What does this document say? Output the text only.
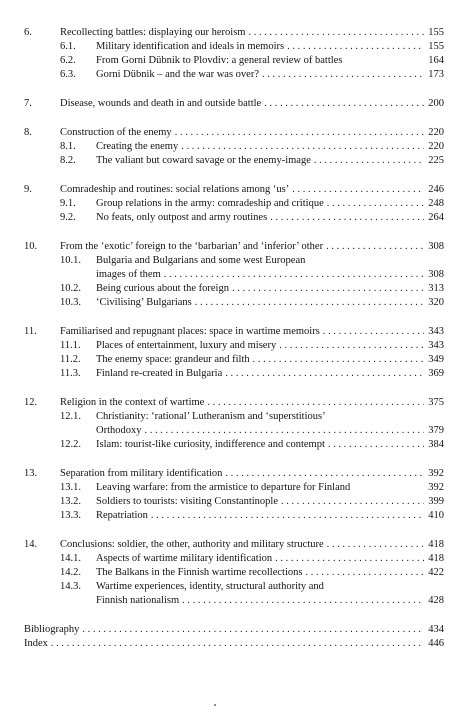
6.	Recollecting battles: displaying our heroism . . .	155
6.1. Military identification and ideals in memoirs . . .	155
6.2. From Gorni Dübnik to Plovdiv: a general review of battles	164
6.3. Gorni Dübnik – and the war was over? . . .	173
7.	Disease, wounds and death in and outside battle . . .	200
8.	Construction of the enemy . . .	220
8.1. Creating the enemy . . .	220
8.2. The valiant but coward savage or the enemy-image . . .	225
9.	Comradeship and routines: social relations among ‘us’ . . .	246
9.1. Group relations in the army: comradeship and critique . . .	248
9.2. No feats, only outpost and army routines . . .	264
10. From the ‘exotic’ foreign to the ‘barbarian’ and ‘inferior’ other . . .	308
10.1. Bulgaria and Bulgarians and some west European
images of them . . .	308
10.2. Being curious about the foreign . . .	313
10.3. ‘Civilising’ Bulgarians . . .	320
11. Familiarised and repugnant places: space in wartime memoirs . . .	343
11.1. Places of entertainment, luxury and misery . . .	343
11.2. The enemy space: grandeur and filth . . .	349
11.3. Finland re-created in Bulgaria . . .	369
12. Religion in the context of wartime . . .	375
12.1. Christianity: ‘rational’ Lutheranism and ‘superstitious’
Orthodoxy . . .	379
12.2. Islam: tourist-like curiosity, indifference and contempt . . .	384
13. Separation from military identification . . .	392
13.1. Leaving warfare: from the armistice to departure for Finland	392
13.2. Soldiers to tourists: visiting Constantinople . . .	399
13.3. Repatriation . . .	410
14. Conclusions: soldier, the other, authority and military structure . . .	418
14.1. Aspects of wartime military identification . . .	418
14.2. The Balkans in the Finnish wartime recollections . . .	422
14.3. Wartime experiences, identity, structural authority and
Finnish nationalism . . .	428
Bibliography . . .	434
Index . . .	446
